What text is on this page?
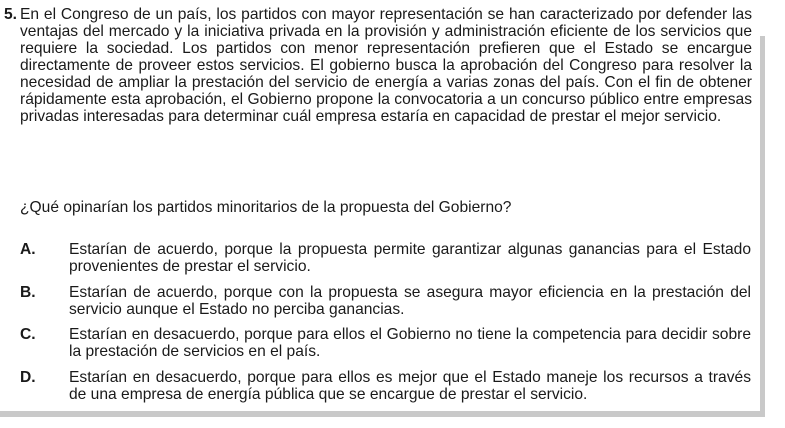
5. En el Congreso de un país, los partidos con mayor representación se han caracterizado por defender las ventajas del mercado y la iniciativa privada en la provisión y administración eficiente de los servicios que requiere la sociedad. Los partidos con menor representación prefieren que el Estado se encargue directamente de proveer estos servicios. El gobierno busca la aprobación del Congreso para resolver la necesidad de ampliar la prestación del servicio de energía a varias zonas del país. Con el fin de obtener rápidamente esta aprobación, el Gobierno propone la convocatoria a un concurso público entre empresas privadas interesadas para determinar cuál empresa estaría en capacidad de prestar el mejor servicio.
¿Qué opinarían los partidos minoritarios de la propuesta del Gobierno?
A. Estarían de acuerdo, porque la propuesta permite garantizar algunas ganancias para el Estado provenientes de prestar el servicio.
B. Estarían de acuerdo, porque con la propuesta se asegura mayor eficiencia en la prestación del servicio aunque el Estado no perciba ganancias.
C. Estarían en desacuerdo, porque para ellos el Gobierno no tiene la competencia para decidir sobre la prestación de servicios en el país.
D. Estarían en desacuerdo, porque para ellos es mejor que el Estado maneje los recursos a través de una empresa de energía pública que se encargue de prestar el servicio.
